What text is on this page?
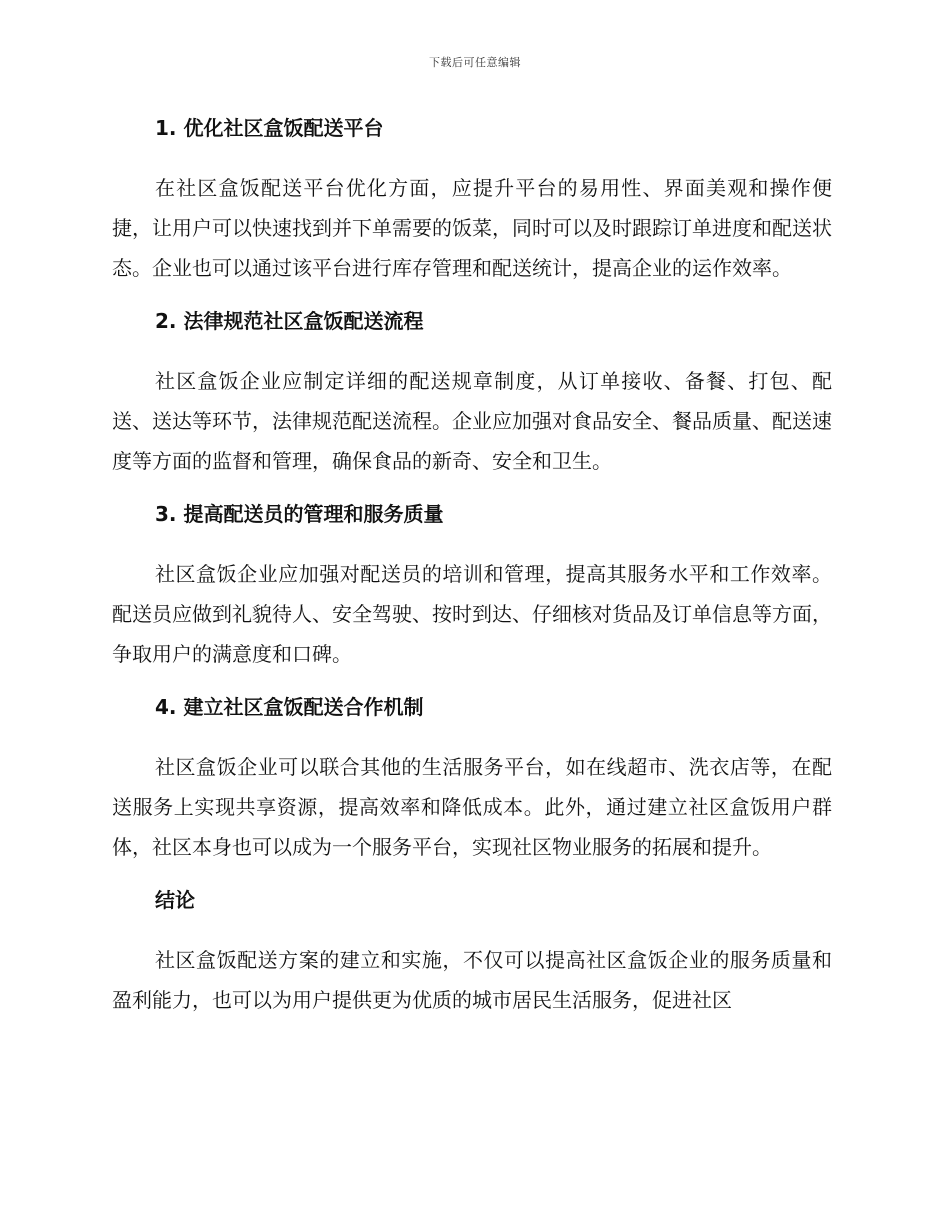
下载后可任意编辑
1. 优化社区盒饭配送平台

在社区盒饭配送平台优化方面，应提升平台的易用性、界面美观和操作便捷，让用户可以快速找到并下单需要的饭菜，同时可以及时跟踪订单进度和配送状态。企业也可以通过该平台进行库存管理和配送统计，提高企业的运作效率。

2. 法律规范社区盒饭配送流程

社区盒饭企业应制定详细的配送规章制度，从订单接收、备餐、打包、配送、送达等环节，法律规范配送流程。企业应加强对食品安全、餐品质量、配送速度等方面的监督和管理，确保食品的新奇、安全和卫生。

3. 提高配送员的管理和服务质量

社区盒饭企业应加强对配送员的培训和管理，提高其服务水平和工作效率。配送员应做到礼貌待人、安全驾驶、按时到达、仔细核对货品及订单信息等方面，争取用户的满意度和口碑。

4. 建立社区盒饭配送合作机制

社区盒饭企业可以联合其他的生活服务平台，如在线超市、洗衣店等，在配送服务上实现共享资源，提高效率和降低成本。此外，通过建立社区盒饭用户群体，社区本身也可以成为一个服务平台，实现社区物业服务的拓展和提升。

结论

社区盒饭配送方案的建立和实施，不仅可以提高社区盒饭企业的服务质量和盈利能力，也可以为用户提供更为优质的城市居民生活服务，促进社区
